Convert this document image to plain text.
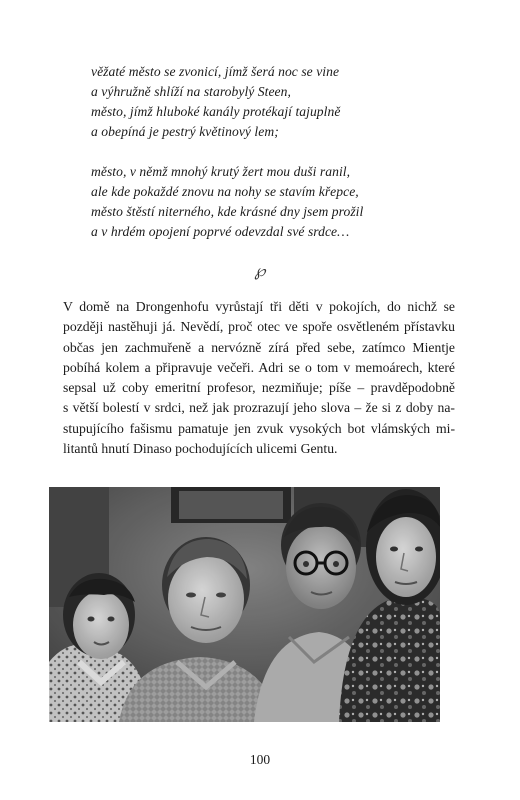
věžaté město se zvonicí, jímž šerá noc se vine
a výhružně shlíží na starobylý Steen,
město, jímž hluboké kanály protékají tajuplně
a obepíná je pestrý květinový lem;
město, v němž mnohý krutý žert mou duši ranil,
ale kde pokaždé znovu na nohy se stavím křepce,
město štěstí niterného, kde krásné dny jsem prožil
a v hrdém opojení poprvé odevzdal své srdce…
℘
V domě na Drongenhofu vyrůstají tři děti v pokojích, do nichž se
později nastěhuji já. Nevědí, proč otec ve spoře osvětleném přístavku
občas jen zachmuřeně a nervózně zírá před sebe, zatímco Mientje
pobíhá kolem a připravuje večeři. Adri se o tom v memoárech, které
sepsal už coby emeritní profesor, nezmiňuje; píše – pravděpodobně
s větší bolestí v srdci, než jak prozrazují jeho slova – že si z doby na-
stupujícího fašismu pamatuje jen zvuk vysokých bot vlámských mi-
litantů hnutí Dinaso pochodujících ulicemi Gentu.
100
